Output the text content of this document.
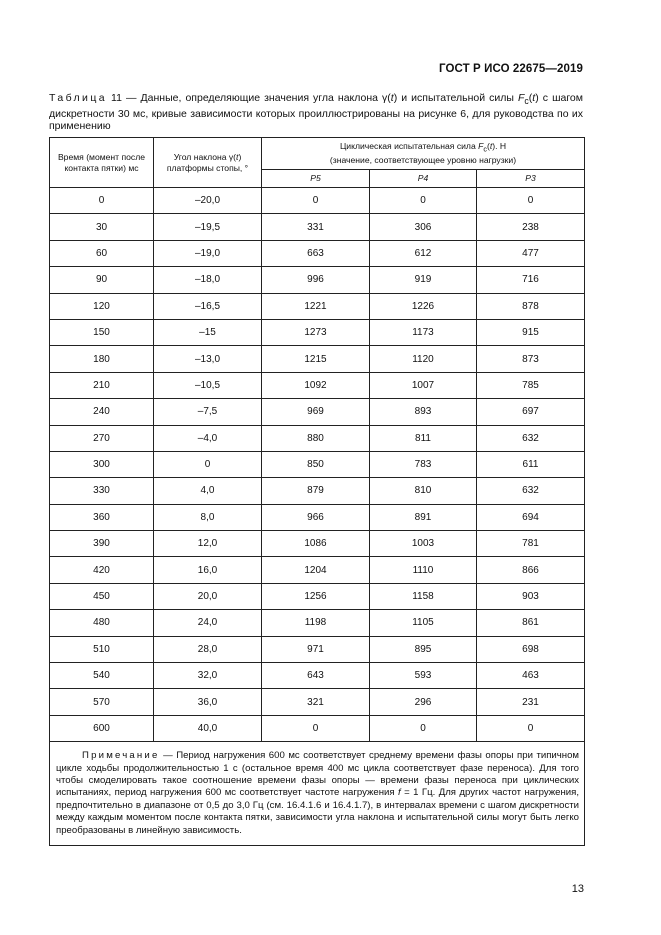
ГОСТ Р ИСО 22675—2019
Таблица 11 — Данные, определяющие значения угла наклона γ(t) и испытательной силы $F_c(t)$ с шагом дискретности 30 мс, кривые зависимости которых проиллюстрированы на рисунке 6, для руководства по их применению
Время (момент после контакта пятки) мс	Угол наклона γ(t) платформы стопы, °	Циклическая испытательная сила $F_c(t)$. Н
(значение, соответствующее уровню нагрузки)		
		P5	P4	P3
0	–20,0	0	0	0
30	–19,5	331	306	238
60	–19,0	663	612	477
90	–18,0	996	919	716
120	–16,5	1221	1226	878
150	–15	1273	1173	915
180	–13,0	1215	1120	873
210	–10,5	1092	1007	785
240	–7,5	969	893	697
270	–4,0	880	811	632
300	0	850	783	611
330	4,0	879	810	632
360	8,0	966	891	694
390	12,0	1086	1003	781
420	16,0	1204	1110	866
450	20,0	1256	1158	903
480	24,0	1198	1105	861
510	28,0	971	895	698
540	32,0	643	593	463
570	36,0	321	296	231
600	40,0	0	0	0
Примечание — Период нагружения 600 мс соответствует среднему времени фазы опоры при типичном цикле ходьбы продолжительностью 1 с (остальное время 400 мс цикла соответствует фазе переноса). Для того чтобы смоделировать такое соотношение времени фазы опоры — времени фазы переноса при циклических испытаниях, период нагружения 600 мс соответствует частоте нагружения f = 1 Гц. Для других частот нагружения, предпочтительно в диапазоне от 0,5 до 3,0 Гц (см. 16.4.1.6 и 16.4.1.7), в интервалах времени с шагом дискретности между каждым моментом после контакта пятки, зависимости угла наклона и испытательной силы могут быть легко преобразованы в линейную зависимость.				
13
